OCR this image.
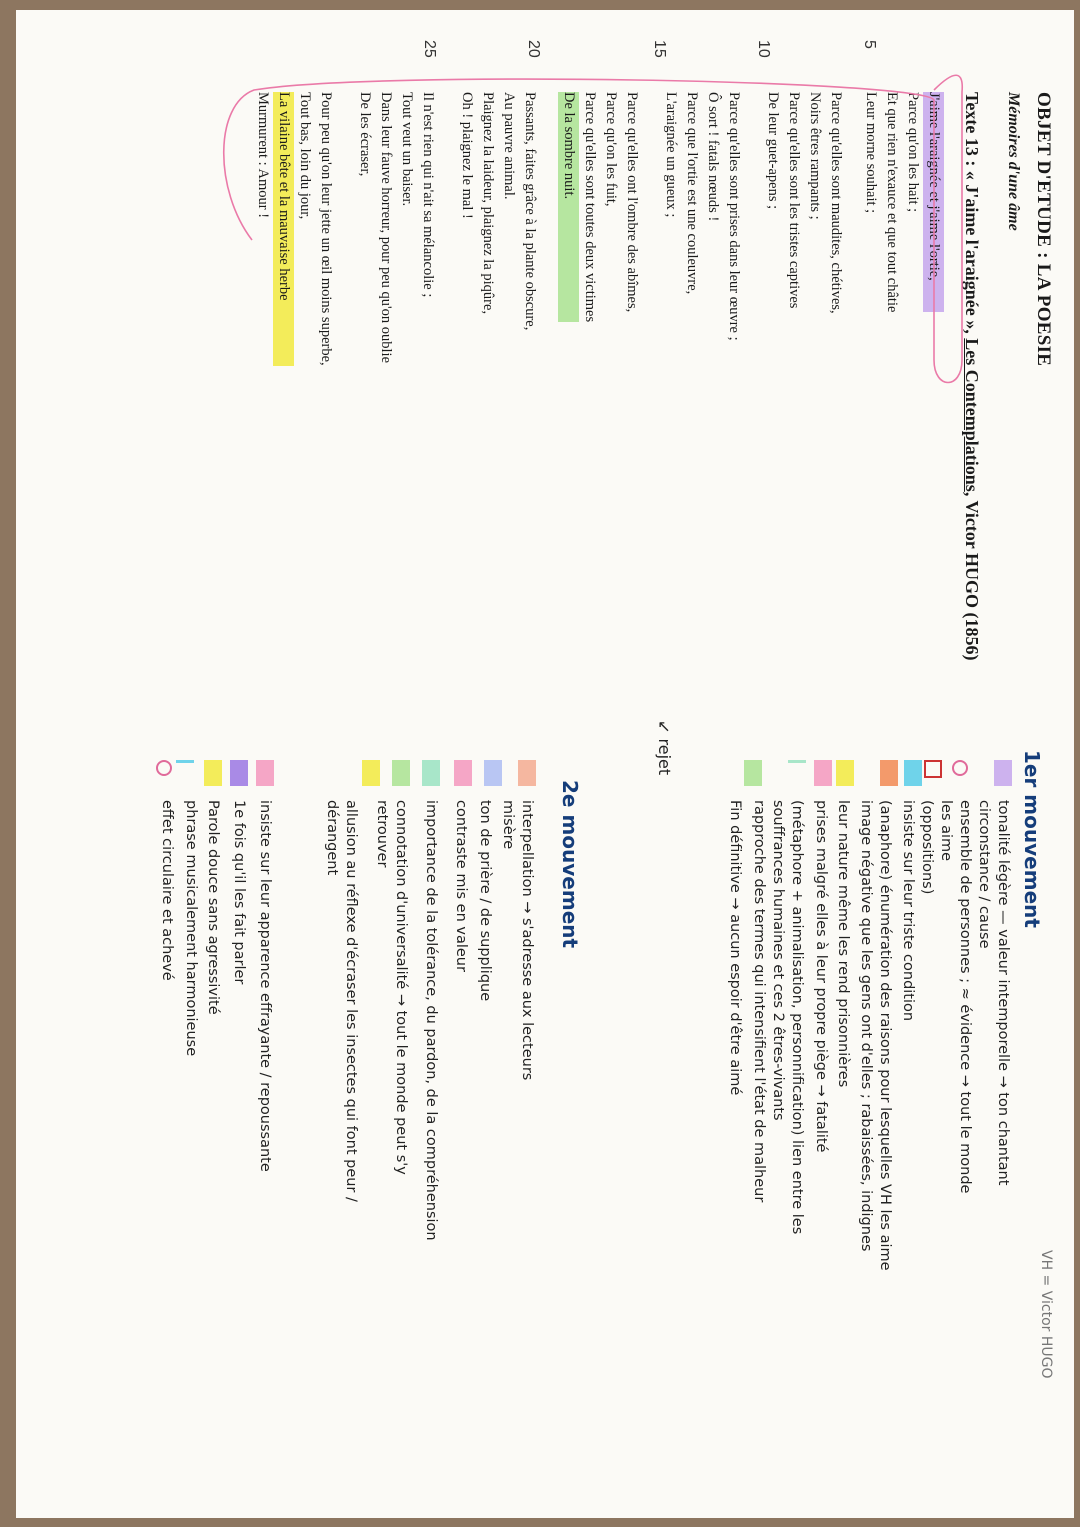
OBJET D'ETUDE : LA POESIE
Mémoires d'une âme
Texte 13 : « J'aime l'araignée », Les Contemplations, Victor HUGO (1856)
5
10
15
20
25
J'aime l'araignée et j'aime l'ortie,
Parce qu'on les hait ;
Et que rien n'exauce et que tout châtie
Leur morne souhait ;
Parce qu'elles sont maudites, chétives,
Noirs êtres rampants ;
Parce qu'elles sont les tristes captives
De leur guet-apens ;
Parce qu'elles sont prises dans leur œuvre ;
Ô sort ! fatals nœuds !
Parce que l'ortie est une couleuvre,
L'araignée un gueux ;
Parce qu'elles ont l'ombre des abîmes,
Parce qu'on les fuit,
Parce qu'elles sont toutes deux victimes
De la sombre nuit.
Passants, faites grâce à la plante obscure,
Au pauvre animal.
Plaignez la laideur, plaignez la piqûre,
Oh ! plaignez le mal !
Il n'est rien qui n'ait sa mélancolie ;
Tout veut un baiser.
Dans leur fauve horreur, pour peu qu'on oublie
De les écraser,
Pour peu qu'on leur jette un œil moins superbe,
Tout bas, loin du jour,
La vilaine bête et la mauvaise herbe
Murmurent : Amour !
↙ rejet
VH = Victor HUGO
1er mouvement
2e mouvement	tonalité légère — valeur intemporelle → ton chantant
circonstance / cause
ensemble de personnes ; ≈ évidence → tout le monde
les aime
(oppositions)
insiste sur leur triste condition
(anaphore) énumération des raisons pour lesquelles VH les aime
image négative que les gens ont d'elles ; rabaissées, indignes
leur nature même les rend prisonnières
prises malgré elles à leur propre piège → fatalité
(métaphore + animalisation, personnification) lien entre les
souffrances humaines et ces 2 êtres-vivants
rapproche des termes qui intensifient l'état de malheur
Fin définitive → aucun espoir d'être aimé
interpellation → s'adresse aux lecteurs
misère
ton de prière / de supplique
contraste mis en valeur
importance de la tolérance, du pardon, de la compréhension
connotation d'universalité → tout le monde peut s'y
retrouver
allusion au réflexe d'écraser les insectes qui font peur /
dérangent
insiste sur leur apparence effrayante / repoussante
1e fois qu'il les fait parler
Parole douce sans agressivité
phrase musicalement harmonieuse
effet circulaire et achevé
